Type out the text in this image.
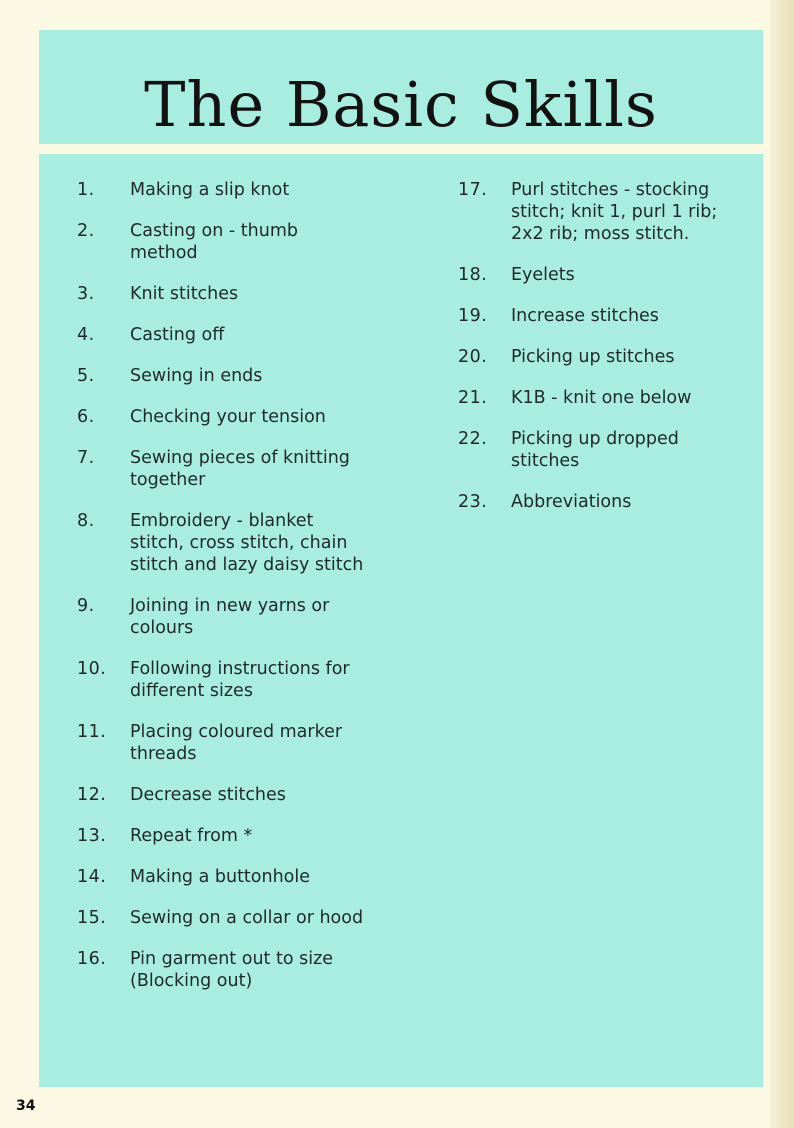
The Basic Skills
1.	Making a slip knot
2.	Casting on - thumb method
3.	Knit stitches
4.	Casting off
5.	Sewing in ends
6.	Checking your tension
7.	Sewing pieces of knitting together
8.	Embroidery - blanket stitch, cross stitch, chain stitch and lazy daisy stitch
9.	Joining in new yarns or colours
10.	Following instructions for different sizes
11.	Placing coloured marker threads
12.	Decrease stitches
13.	Repeat from *
14.	Making a buttonhole
15.	Sewing on a collar or hood
16.	Pin garment out to size (Blocking out)
17.	Purl stitches - stocking stitch; knit 1, purl 1 rib; 2x2 rib; moss stitch.
18.	Eyelets
19.	Increase stitches
20.	Picking up stitches
21.	K1B - knit one below
22.	Picking up dropped stitches
23.	Abbreviations
34
